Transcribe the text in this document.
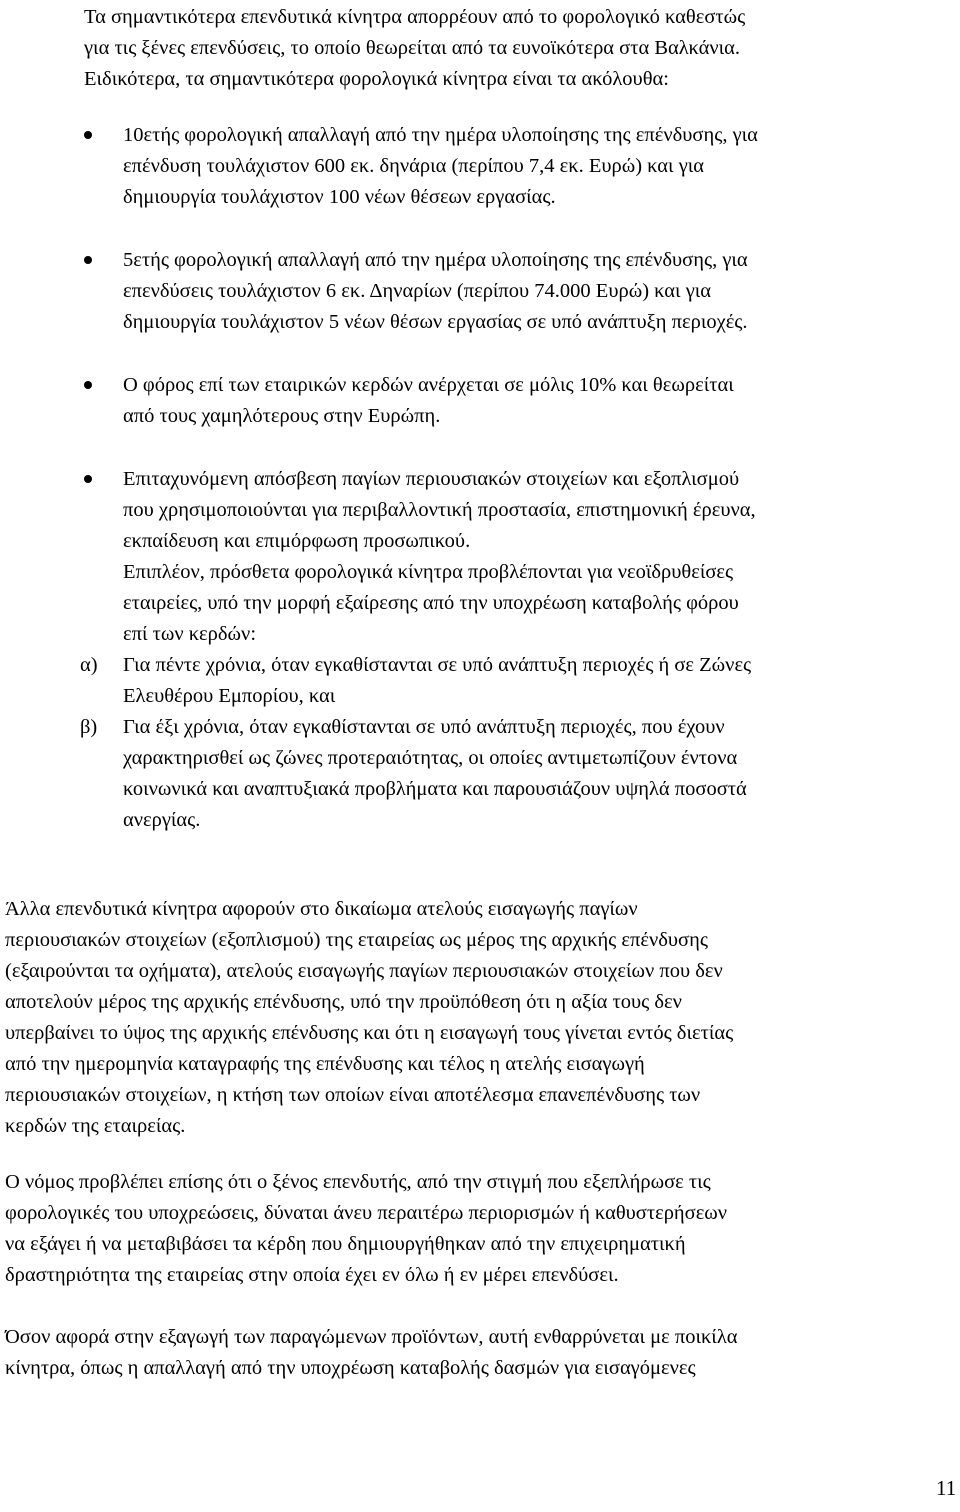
Τα σημαντικότερα επενδυτικά κίνητρα απορρέουν από το φορολογικό καθεστώς
για τις ξένες επενδύσεις, το οποίο θεωρείται από τα ευνοϊκότερα στα Βαλκάνια.
Ειδικότερα, τα σημαντικότερα φορολογικά κίνητρα είναι τα ακόλουθα:
10ετής φορολογική απαλλαγή από την ημέρα υλοποίησης της επένδυσης, για
επένδυση τουλάχιστον 600 εκ. δηνάρια (περίπου 7,4 εκ. Ευρώ) και για
δημιουργία τουλάχιστον 100 νέων θέσεων εργασίας.
5ετής φορολογική απαλλαγή από την ημέρα υλοποίησης της επένδυσης, για
επενδύσεις τουλάχιστον 6 εκ. Δηναρίων (περίπου 74.000 Ευρώ) και για
δημιουργία τουλάχιστον 5 νέων θέσων εργασίας σε υπό ανάπτυξη περιοχές.
Ο φόρος επί των εταιρικών κερδών ανέρχεται σε μόλις 10% και θεωρείται
από τους χαμηλότερους στην Ευρώπη.
Επιταχυνόμενη απόσβεση παγίων περιουσιακών στοιχείων και εξοπλισμού
που χρησιμοποιούνται για περιβαλλοντική προστασία, επιστημονική έρευνα,
εκπαίδευση και επιμόρφωση προσωπικού.
Επιπλέον, πρόσθετα φορολογικά κίνητρα προβλέπονται για νεοϊδρυθείσες
εταιρείες, υπό την μορφή εξαίρεσης από την υποχρέωση καταβολής φόρου
επί των κερδών:
α) Για πέντε χρόνια, όταν εγκαθίστανται σε υπό ανάπτυξη περιοχές ή σε Ζώνες
Ελευθέρου Εμπορίου, και
β) Για έξι χρόνια, όταν εγκαθίστανται σε υπό ανάπτυξη περιοχές, που έχουν
χαρακτηρισθεί ως ζώνες προτεραιότητας, οι οποίες αντιμετωπίζουν έντονα
κοινωνικά και αναπτυξιακά προβλήματα και παρουσιάζουν υψηλά ποσοστά
ανεργίας.
Άλλα επενδυτικά κίνητρα αφορούν στο δικαίωμα ατελούς εισαγωγής παγίων
περιουσιακών στοιχείων (εξοπλισμού) της εταιρείας ως μέρος της αρχικής επένδυσης
(εξαιρούνται τα οχήματα), ατελούς εισαγωγής παγίων περιουσιακών στοιχείων που δεν
αποτελούν μέρος της αρχικής επένδυσης, υπό την προϋπόθεση ότι η αξία τους δεν
υπερβαίνει το ύψος της αρχικής επένδυσης και ότι η εισαγωγή τους γίνεται εντός διετίας
από την ημερομηνία καταγραφής της επένδυσης και τέλος η ατελής εισαγωγή
περιουσιακών στοιχείων, η κτήση των οποίων είναι αποτέλεσμα επανεπένδυσης των
κερδών της εταιρείας.
Ο νόμος προβλέπει επίσης ότι ο ξένος επενδυτής, από την στιγμή που εξεπλήρωσε τις
φορολογικές του υποχρεώσεις, δύναται άνευ περαιτέρω περιορισμών ή καθυστερήσεων
να εξάγει ή να μεταβιβάσει τα κέρδη που δημιουργήθηκαν από την επιχειρηματική
δραστηριότητα της εταιρείας στην οποία έχει εν όλω ή εν μέρει επενδύσει.
Όσον αφορά στην εξαγωγή των παραγώμενων προϊόντων, αυτή ενθαρρύνεται με ποικίλα
κίνητρα, όπως η απαλλαγή από την υποχρέωση καταβολής δασμών για εισαγόμενες
11
